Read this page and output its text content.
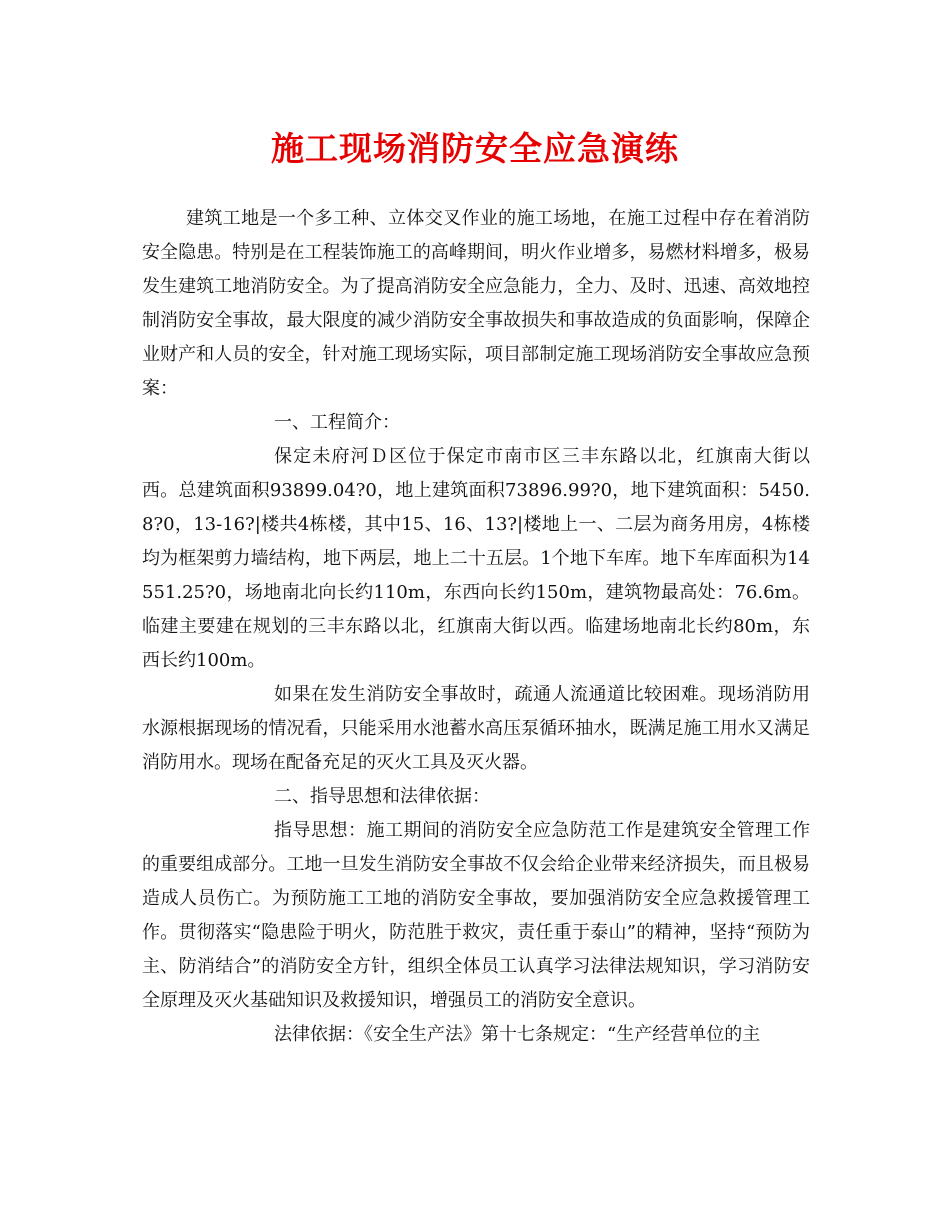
施工现场消防安全应急演练

建筑工地是一个多工种、立体交叉作业的施工场地，在施工过程中存在着消防安全隐患。特别是在工程装饰施工的高峰期间，明火作业增多，易燃材料增多，极易发生建筑工地消防安全。为了提高消防安全应急能力，全力、及时、迅速、高效地控制消防安全事故，最大限度的减少消防安全事故损失和事故造成的负面影响，保障企业财产和人员的安全，针对施工现场实际，项目部制定施工现场消防安全事故应急预案：

一、工程简介：

保定未府河Ｄ区位于保定市南市区三丰东路以北，红旗南大街以西。总建筑面积93899.04?0，地上建筑面积73896.99?0，地下建筑面积：5450.8?0，13-16?|楼共4栋楼，其中15、16、13?|楼地上一、二层为商务用房，4栋楼均为框架剪力墙结构，地下两层，地上二十五层。1个地下车库。地下车库面积为14551.25?0，场地南北向长约110m，东西向长约150m，建筑物最高处：76.6m。临建主要建在规划的三丰东路以北，红旗南大街以西。临建场地南北长约80m，东西长约100m。

如果在发生消防安全事故时，疏通人流通道比较困难。现场消防用水源根据现场的情况看，只能采用水池蓄水高压泵循环抽水，既满足施工用水又满足消防用水。现场在配备充足的灭火工具及灭火器。

二、指导思想和法律依据：

指导思想：施工期间的消防安全应急防范工作是建筑安全管理工作的重要组成部分。工地一旦发生消防安全事故不仅会给企业带来经济损失，而且极易造成人员伤亡。为预防施工工地的消防安全事故，要加强消防安全应急救援管理工作。贯彻落实“隐患险于明火，防范胜于救灾，责任重于泰山”的精神，坚持“预防为主、防消结合”的消防安全方针，组织全体员工认真学习法律法规知识，学习消防安全原理及灭火基础知识及救援知识，增强员工的消防安全意识。

法律依据：《安全生产法》第十七条规定：“生产经营单位的主
